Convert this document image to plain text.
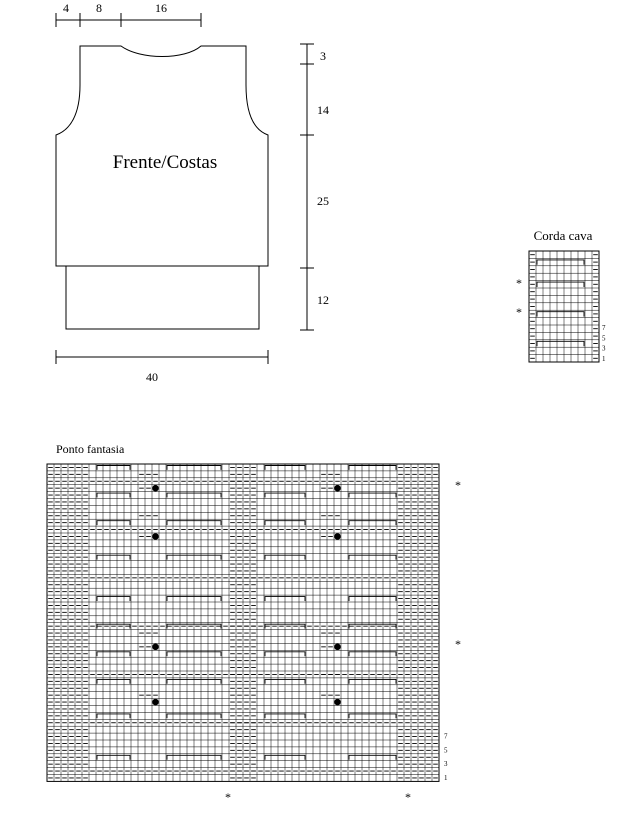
Frente/Costas
4 8	16
3
14
25
12
40
Corda cava
7
5
3
1
*
*
Ponto fantasia
7
5
3
1
*
*
*	*
